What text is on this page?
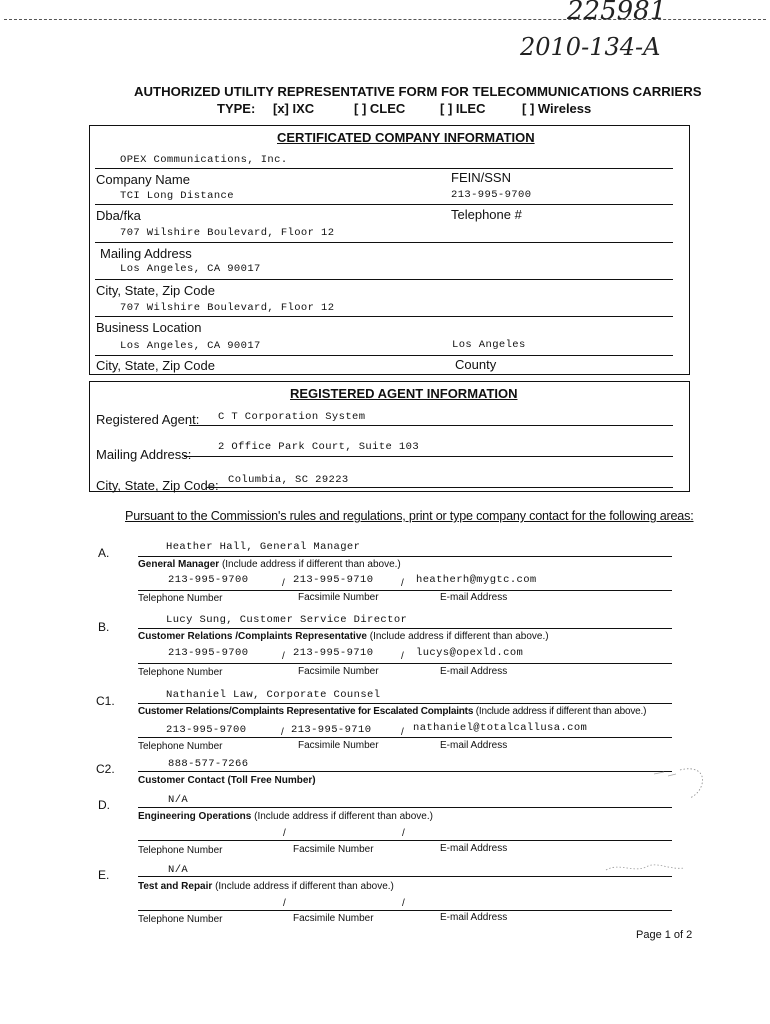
225981
2010-134-A
AUTHORIZED UTILITY REPRESENTATIVE FORM FOR TELECOMMUNICATIONS CARRIERS
TYPE: [x] IXC	[ ] CLEC	[ ] ILEC	[ ] Wireless
CERTIFICATED COMPANY INFORMATION
OPEX Communications, Inc.
Company Name	FEIN/SSN
TCI Long Distance	213-995-9700
Dba/fka	Telephone #
707 Wilshire Boulevard, Floor 12
Mailing Address
Los Angeles, CA 90017
City, State, Zip Code
707 Wilshire Boulevard, Floor 12
Business Location
Los Angeles, CA 90017	Los Angeles
City, State, Zip Code	County
REGISTERED AGENT INFORMATION
Registered Agent: C T Corporation System
Mailing Address:	2 Office Park Court, Suite 103
City, State, Zip Code: Columbia, SC 29223
Pursuant to the Commission's rules and regulations, print or type company contact for the following areas:
A.	Heather Hall, General Manager
General Manager (Include address if different than above.)
213-995-9700	/ 213-995-9710	/ heatherh@mygtc.com
Telephone Number	Facsimile Number	E-mail Address
B.	Lucy Sung, Customer Service Director
Customer Relations /Complaints Representative (Include address if different than above.)
213-995-9700	/ 213-995-9710	/ lucys@opexld.com
Telephone Number	Facsimile Number	E-mail Address
C1.	Nathaniel Law, Corporate Counsel
Customer Relations/Complaints Representative for Escalated Complaints (Include address if different than above.)
213-995-9700	/ 213-995-9710	/ nathaniel@totalcallusa.com
Telephone Number	Facsimile Number	E-mail Address
C2.	888-577-7266
Customer Contact (Toll Free Number)
D.	N/A
Engineering Operations (Include address if different than above.)
/	/
Telephone Number	Facsimile Number	E-mail Address
E.	N/A
Test and Repair (Include address if different than above.)
/	/
Telephone Number	Facsimile Number	E-mail Address
Page 1 of 2
